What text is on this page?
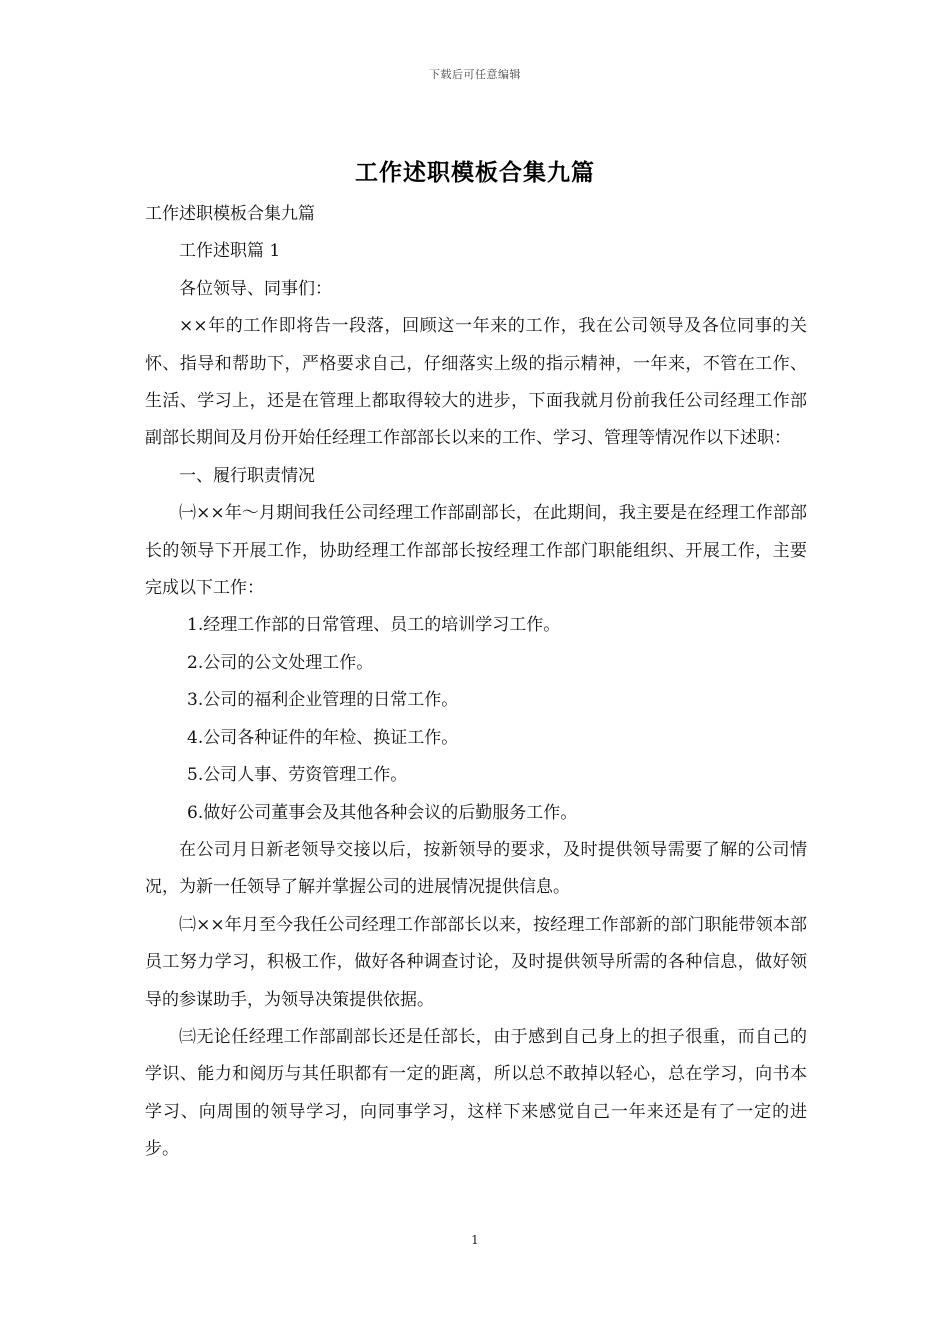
下载后可任意编辑
工作述职模板合集九篇

工作述职模板合集九篇

工作述职篇 1

各位领导、同事们：

××年的工作即将告一段落，回顾这一年来的工作，我在公司领导及各位同事的关怀、指导和帮助下，严格要求自己，仔细落实上级的指示精神，一年来，不管在工作、生活、学习上，还是在管理上都取得较大的进步，下面我就月份前我任公司经理工作部副部长期间及月份开始任经理工作部部长以来的工作、学习、管理等情况作以下述职：

一、履行职责情况

㈠××年～月期间我任公司经理工作部副部长，在此期间，我主要是在经理工作部部长的领导下开展工作，协助经理工作部部长按经理工作部门职能组织、开展工作，主要完成以下工作：

1.经理工作部的日常管理、员工的培训学习工作。

2.公司的公文处理工作。

3.公司的福利企业管理的日常工作。

4.公司各种证件的年检、换证工作。

5.公司人事、劳资管理工作。

6.做好公司董事会及其他各种会议的后勤服务工作。

在公司月日新老领导交接以后，按新领导的要求，及时提供领导需要了解的公司情况，为新一任领导了解并掌握公司的进展情况提供信息。

㈡××年月至今我任公司经理工作部部长以来，按经理工作部新的部门职能带领本部员工努力学习，积极工作，做好各种调查讨论，及时提供领导所需的各种信息，做好领导的参谋助手，为领导决策提供依据。

㈢无论任经理工作部副部长还是任部长，由于感到自己身上的担子很重，而自己的学识、能力和阅历与其任职都有一定的距离，所以总不敢掉以轻心，总在学习，向书本学习、向周围的领导学习，向同事学习，这样下来感觉自己一年来还是有了一定的进步。

1
